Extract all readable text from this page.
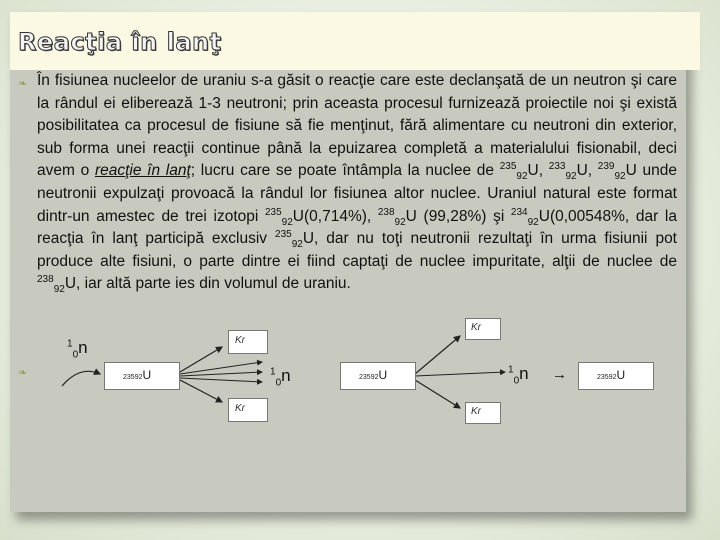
Reacţia în lanţ
❧ În fisiunea nucleelor de uraniu s-a găsit o reacţie care este declanşată de un neutron şi care la rândul ei eliberează 1-3 neutroni; prin aceasta procesul furnizează proiectile noi şi există posibilitatea ca procesul de fisiune să fie menţinut, fără alimentare cu neutroni din exterior, sub forma unei reacţii continue până la epuizarea completă a materialului fisionabil, deci avem o reacţie în lanţ; lucru care se poate întâmpla la nuclee de $^{235}_{92}$U, $^{233}_{92}$U, $^{239}_{92}$U unde neutronii expulzaţi provoacă la rândul lor fisiunea altor nuclee. Uraniul natural este format dintr-un amestec de trei izotopi $^{235}_{92}$U(0,714%), $^{238}_{92}$U (99,28%) şi $^{234}_{92}$U(0,00548%, dar la reacţia în lanţ participă exclusiv $^{235}_{92}$U, dar nu toţi neutronii rezultaţi în urma fisiunii pot produce alte fisiuni, o parte dintre ei fiind captaţi de nuclee impuritate, alţii de nuclee de $^{238}_{92}$U, iar altă parte ies din volumul de uraniu.

❧
$^1_0$n
23592U
Kr
Kr
$^1_0$n	23592U
Kr
Kr
$^1_0$n →	23592U
